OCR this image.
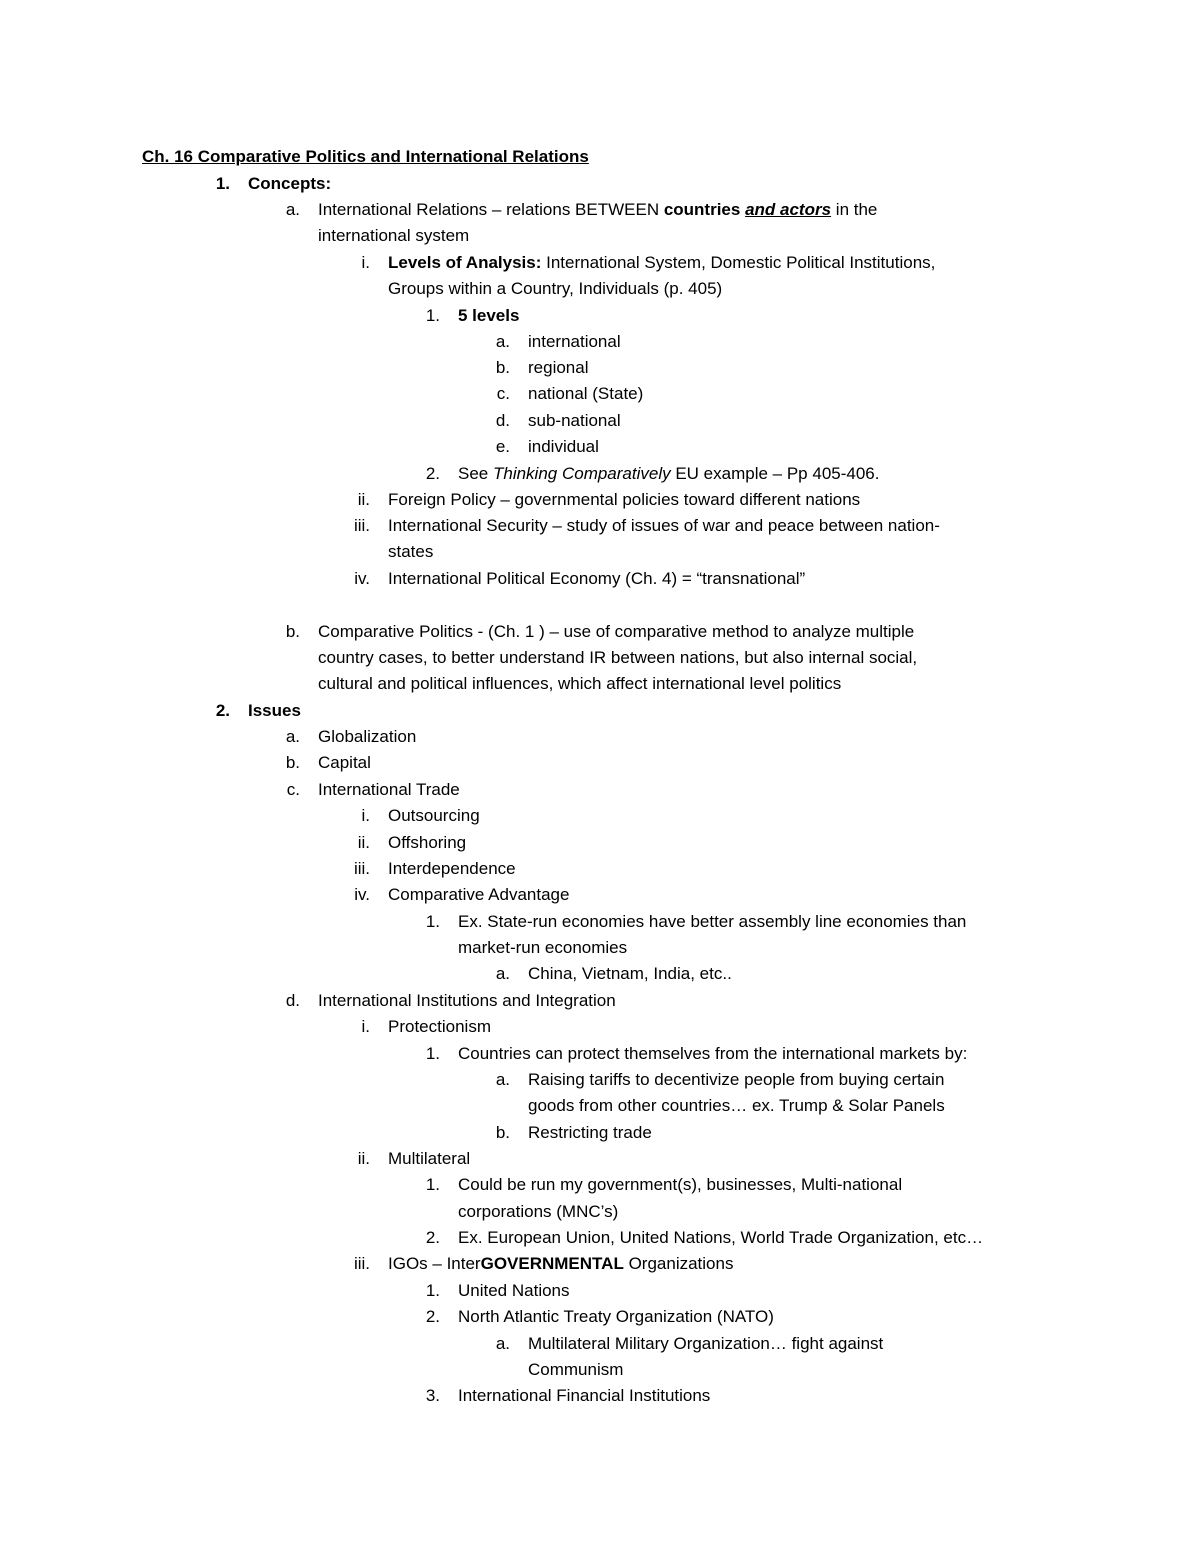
Ch. 16 Comparative Politics and International Relations
1. Concepts:
a. International Relations – relations BETWEEN countries and actors in the
international system
i. Levels of Analysis: International System, Domestic Political Institutions,
Groups within a Country, Individuals (p. 405)
1. 5 levels
a. international
b. regional
c. national (State)
d. sub-national
e. individual
2. See Thinking Comparatively EU example – Pp 405-406.
ii. Foreign Policy – governmental policies toward different nations
iii. International Security – study of issues of war and peace between nation-
states
iv. International Political Economy (Ch. 4) = “transnational”
b. Comparative Politics - (Ch. 1 ) – use of comparative method to analyze multiple
country cases, to better understand IR between nations, but also internal social,
cultural and political influences, which affect international level politics
2. Issues
a. Globalization
b. Capital
c. International Trade
i. Outsourcing
ii. Offshoring
iii. Interdependence
iv. Comparative Advantage
1. Ex. State-run economies have better assembly line economies than
market-run economies
a. China, Vietnam, India, etc..
d. International Institutions and Integration
i. Protectionism
1. Countries can protect themselves from the international markets by:
a. Raising tariffs to decentivize people from buying certain
goods from other countries… ex. Trump & Solar Panels
b. Restricting trade
ii. Multilateral
1. Could be run my government(s), businesses, Multi-national
corporations (MNC’s)
2. Ex. European Union, United Nations, World Trade Organization, etc…
iii. IGOs – InterGOVERNMENTAL Organizations
1. United Nations
2. North Atlantic Treaty Organization (NATO)
a. Multilateral Military Organization… fight against
Communism
3. International Financial Institutions
